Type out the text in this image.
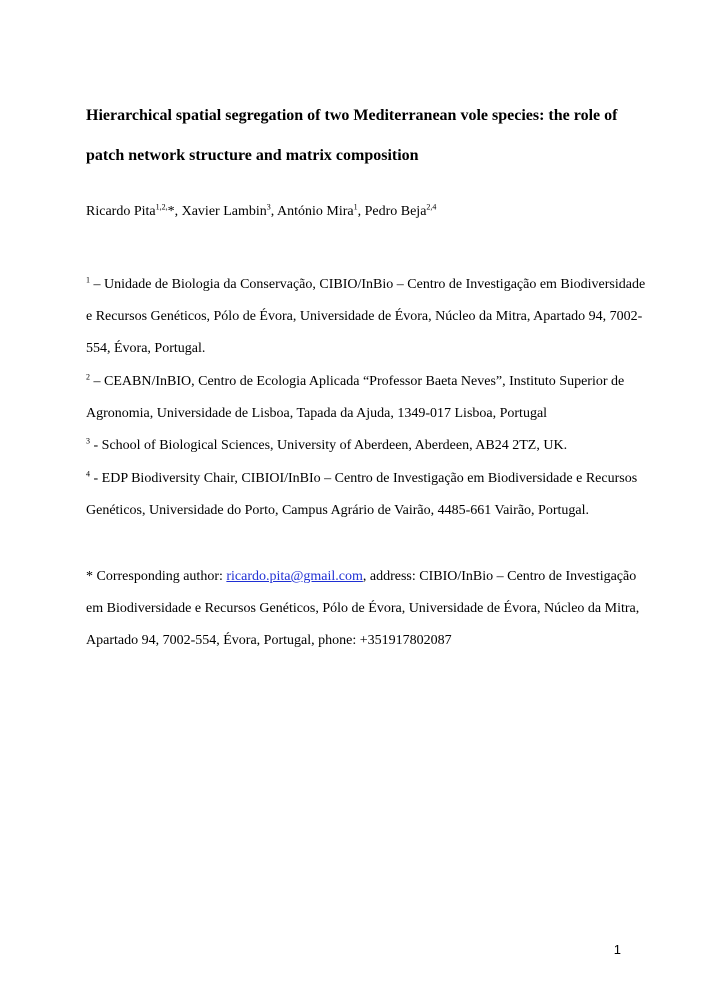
Hierarchical spatial segregation of two Mediterranean vole species: the role of patch network structure and matrix composition
Ricardo Pita$^{1,2,}$*, Xavier Lambin$^3$, António Mira$^1$, Pedro Beja$^{2,4}$

$^1$ – Unidade de Biologia da Conservação, CIBIO/InBio – Centro de Investigação em Biodiversidade e Recursos Genéticos, Pólo de Évora, Universidade de Évora, Núcleo da Mitra, Apartado 94, 7002-554, Évora, Portugal.

$^2$ – CEABN/InBIO, Centro de Ecologia Aplicada “Professor Baeta Neves”, Instituto Superior de Agronomia, Universidade de Lisboa, Tapada da Ajuda, 1349-017 Lisboa, Portugal

$^3$ - School of Biological Sciences, University of Aberdeen, Aberdeen, AB24 2TZ, UK.

$^4$ - EDP Biodiversity Chair, CIBIOI/InBIo – Centro de Investigação em Biodiversidade e Recursos Genéticos, Universidade do Porto, Campus Agrário de Vairão, 4485-661 Vairão, Portugal.

* Corresponding author: ricardo.pita@gmail.com, address: CIBIO/InBio – Centro de Investigação em Biodiversidade e Recursos Genéticos, Pólo de Évora, Universidade de Évora, Núcleo da Mitra, Apartado 94, 7002-554, Évora, Portugal, phone: +351917802087

1
